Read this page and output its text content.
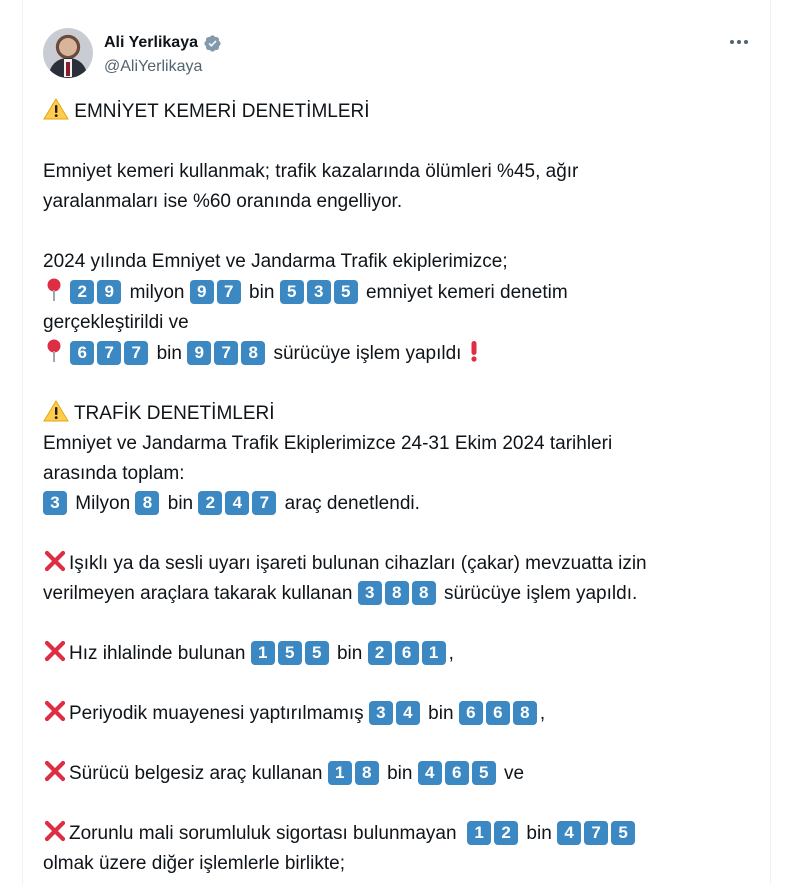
Ali Yerlikaya
@AliYerlikaya
EMNİYET KEMERİ DENETİMLERİ
Emniyet kemeri kullanmak; trafik kazalarında ölümleri %45, ağır
yaralanmaları ise %60 oranında engelliyor.
2024 yılında Emniyet ve Jandarma Trafik ekiplerimizce;
2 9 milyon 9 7 bin 5 3 5 emniyet kemeri denetim
gerçekleştirildi ve
6 7 7 bin 9 7 8 sürücüye işlem yapıldı
TRAFİK DENETİMLERİ
Emniyet ve Jandarma Trafik Ekiplerimizce 24-31 Ekim 2024 tarihleri
arasında toplam:
3 Milyon 8 bin 2 4 7 araç denetlendi.
Işıklı ya da sesli uyarı işareti bulunan cihazları (çakar) mevzuatta izin
verilmeyen araçlara takarak kullanan 3 8 8 sürücüye işlem yapıldı.
Hız ihlalinde bulunan 1 5 5 bin 2 6 1 ,
Periyodik muayenesi yaptırılmamış 3 4 bin 6 6 8 ,
Sürücü belgesiz araç kullanan 1 8 bin 4 6 5 ve
Zorunlu mali sorumluluk sigortası bulunmayan 1 2 bin 4 7 5
olmak üzere diğer işlemlerle birlikte;
